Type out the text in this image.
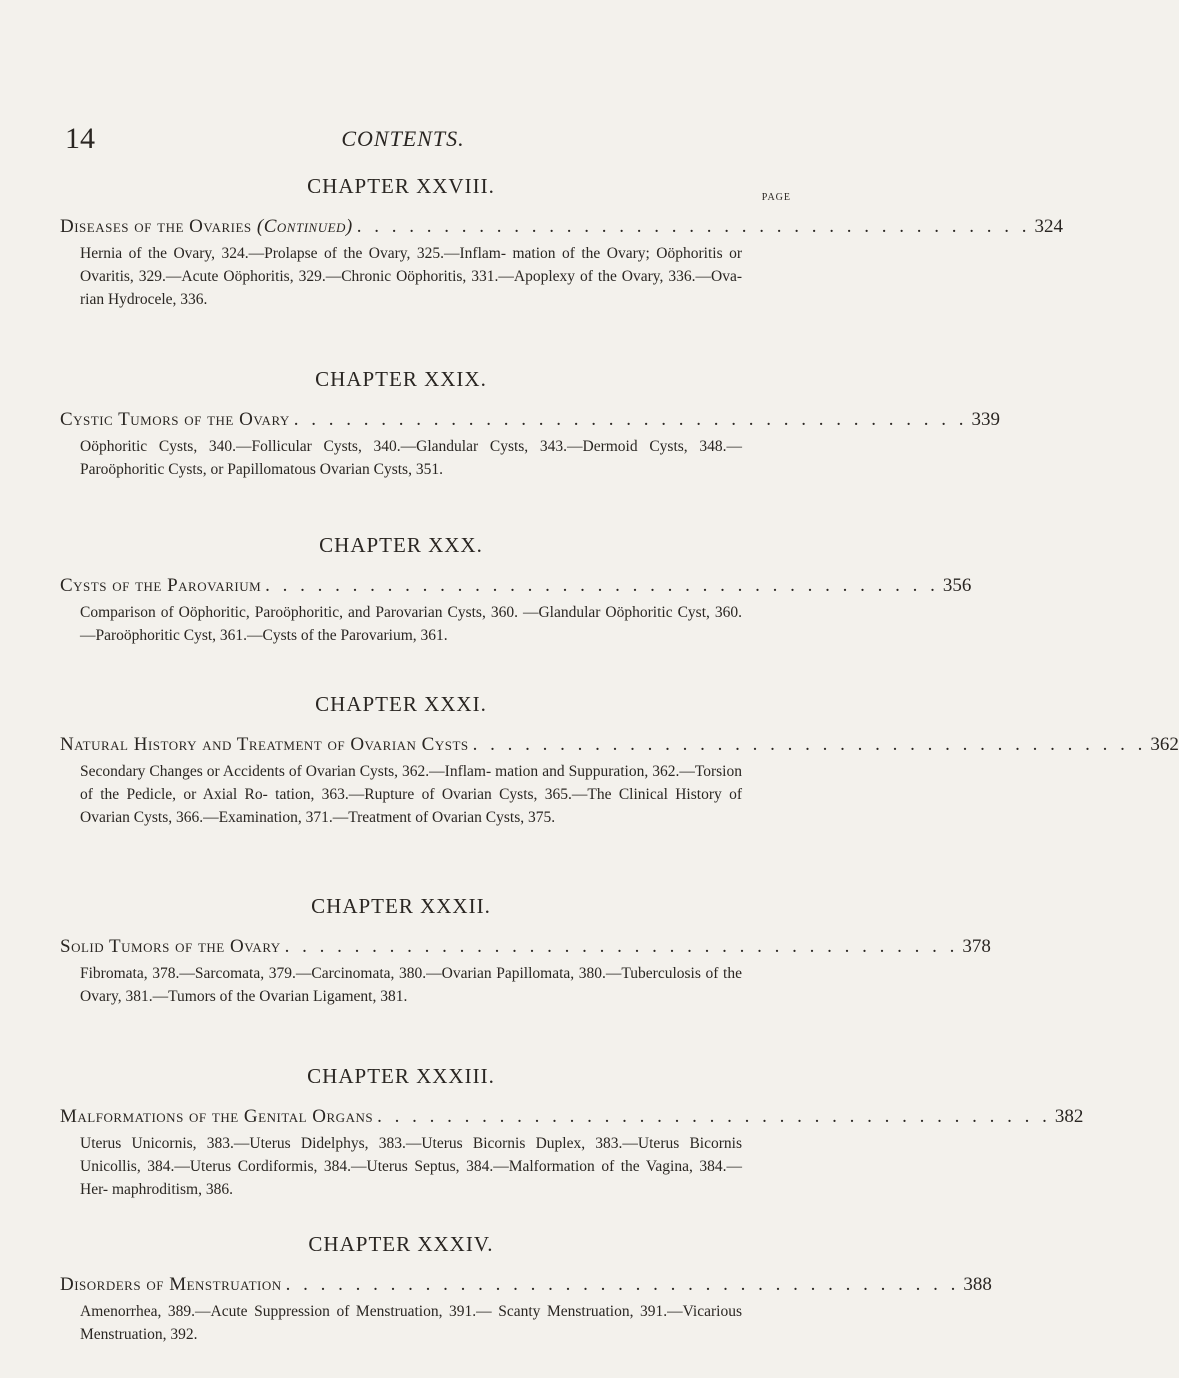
14	CONTENTS.
CHAPTER XXVIII.
Diseases of the Ovaries (Continued) . . . . . . . . . . . . . . . . . . . . . . . . . . . . . . . . . . . . . . . 324
Hernia of the Ovary, 324.—Prolapse of the Ovary, 325.—Inflam- mation of the Ovary; Oöphoritis or Ovaritis, 329.—Acute Oöphoritis, 329.—Chronic Oöphoritis, 331.—Apoplexy of the Ovary, 336.—Ova- rian Hydrocele, 336.
PAGE
CHAPTER XXIX.
Cystic Tumors of the Ovary . . . . . . . . . . . . . . . . . . . . . . . . . . . . . . . . . . . . . . . 339
Oöphoritic Cysts, 340.—Follicular Cysts, 340.—Glandular Cysts, 343.—Dermoid Cysts, 348.—Paroöphoritic Cysts, or Papillomatous Ovarian Cysts, 351.
CHAPTER XXX.
Cysts of the Parovarium . . . . . . . . . . . . . . . . . . . . . . . . . . . . . . . . . . . . . . . 356
Comparison of Oöphoritic, Paroöphoritic, and Parovarian Cysts, 360. —Glandular Oöphoritic Cyst, 360.—Paroöphoritic Cyst, 361.—Cysts of the Parovarium, 361.
CHAPTER XXXI.
Natural History and Treatment of Ovarian Cysts . . . . . . . . . . . . . . . . . . . . . . . . . . . . . . . . . . . . . . . 362
Secondary Changes or Accidents of Ovarian Cysts, 362.—Inflam- mation and Suppuration, 362.—Torsion of the Pedicle, or Axial Ro- tation, 363.—Rupture of Ovarian Cysts, 365.—The Clinical History of Ovarian Cysts, 366.—Examination, 371.—Treatment of Ovarian Cysts, 375.
CHAPTER XXXII.
Solid Tumors of the Ovary . . . . . . . . . . . . . . . . . . . . . . . . . . . . . . . . . . . . . . . 378
Fibromata, 378.—Sarcomata, 379.—Carcinomata, 380.—Ovarian Papillomata, 380.—Tuberculosis of the Ovary, 381.—Tumors of the Ovarian Ligament, 381.
CHAPTER XXXIII.
Malformations of the Genital Organs . . . . . . . . . . . . . . . . . . . . . . . . . . . . . . . . . . . . . . . 382
Uterus Unicornis, 383.—Uterus Didelphys, 383.—Uterus Bicornis Duplex, 383.—Uterus Bicornis Unicollis, 384.—Uterus Cordiformis, 384.—Uterus Septus, 384.—Malformation of the Vagina, 384.—Her- maphroditism, 386.
CHAPTER XXXIV.
Disorders of Menstruation . . . . . . . . . . . . . . . . . . . . . . . . . . . . . . . . . . . . . . . 388
Amenorrhea, 389.—Acute Suppression of Menstruation, 391.— Scanty Menstruation, 391.—Vicarious Menstruation, 392.
